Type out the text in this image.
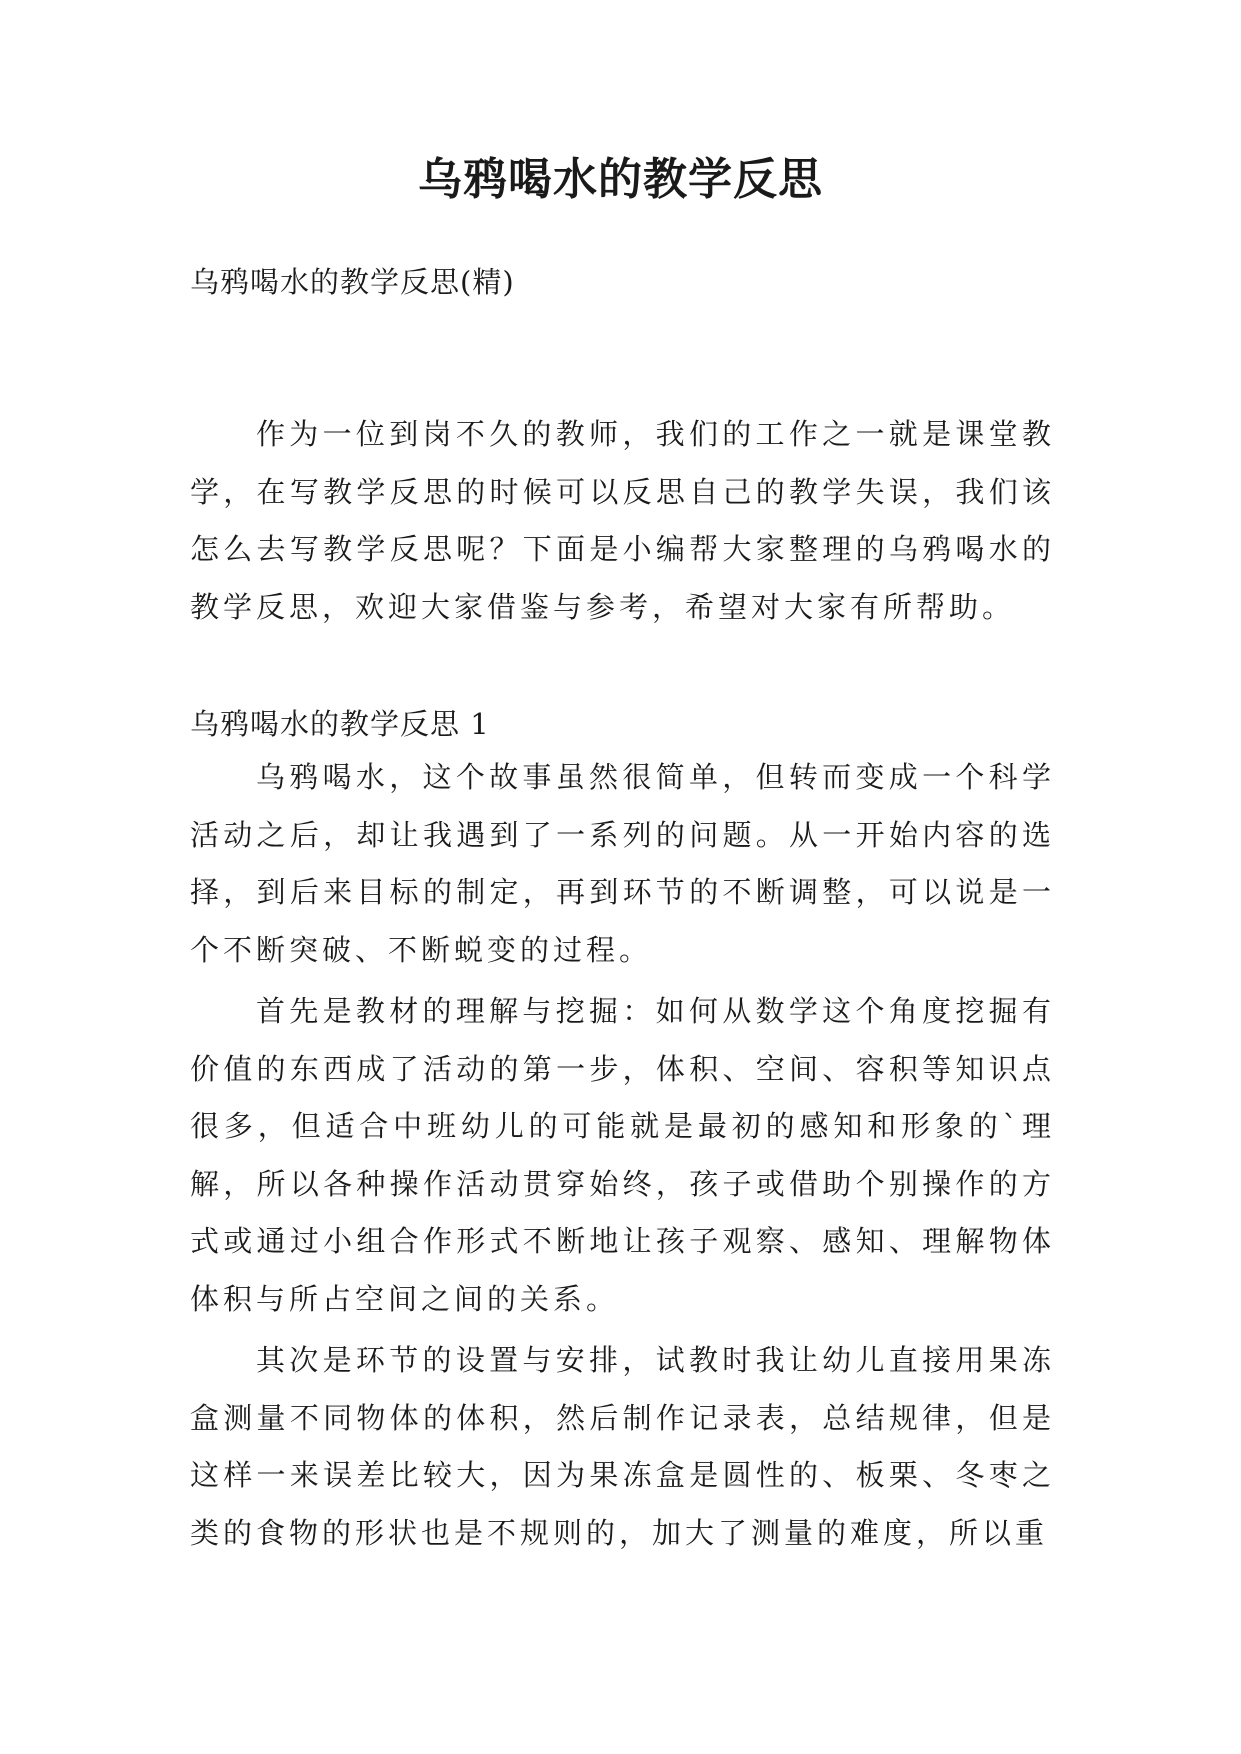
乌鸦喝水的教学反思

乌鸦喝水的教学反思(精)

作为一位到岗不久的教师，我们的工作之一就是课堂教学，在写教学反思的时候可以反思自己的教学失误，我们该怎么去写教学反思呢？下面是小编帮大家整理的乌鸦喝水的教学反思，欢迎大家借鉴与参考，希望对大家有所帮助。

乌鸦喝水的教学反思 1

乌鸦喝水，这个故事虽然很简单，但转而变成一个科学活动之后，却让我遇到了一系列的问题。从一开始内容的选择，到后来目标的制定，再到环节的不断调整，可以说是一个不断突破、不断蜕变的过程。

首先是教材的理解与挖掘：如何从数学这个角度挖掘有价值的东西成了活动的第一步，体积、空间、容积等知识点很多，但适合中班幼儿的可能就是最初的感知和形象的`理解，所以各种操作活动贯穿始终，孩子或借助个别操作的方式或通过小组合作形式不断地让孩子观察、感知、理解物体体积与所占空间之间的关系。

其次是环节的设置与安排，试教时我让幼儿直接用果冻盒测量不同物体的体积，然后制作记录表，总结规律，但是这样一来误差比较大，因为果冻盒是圆性的、板栗、冬枣之类的食物的形状也是不规则的，加大了测量的难度，所以重
